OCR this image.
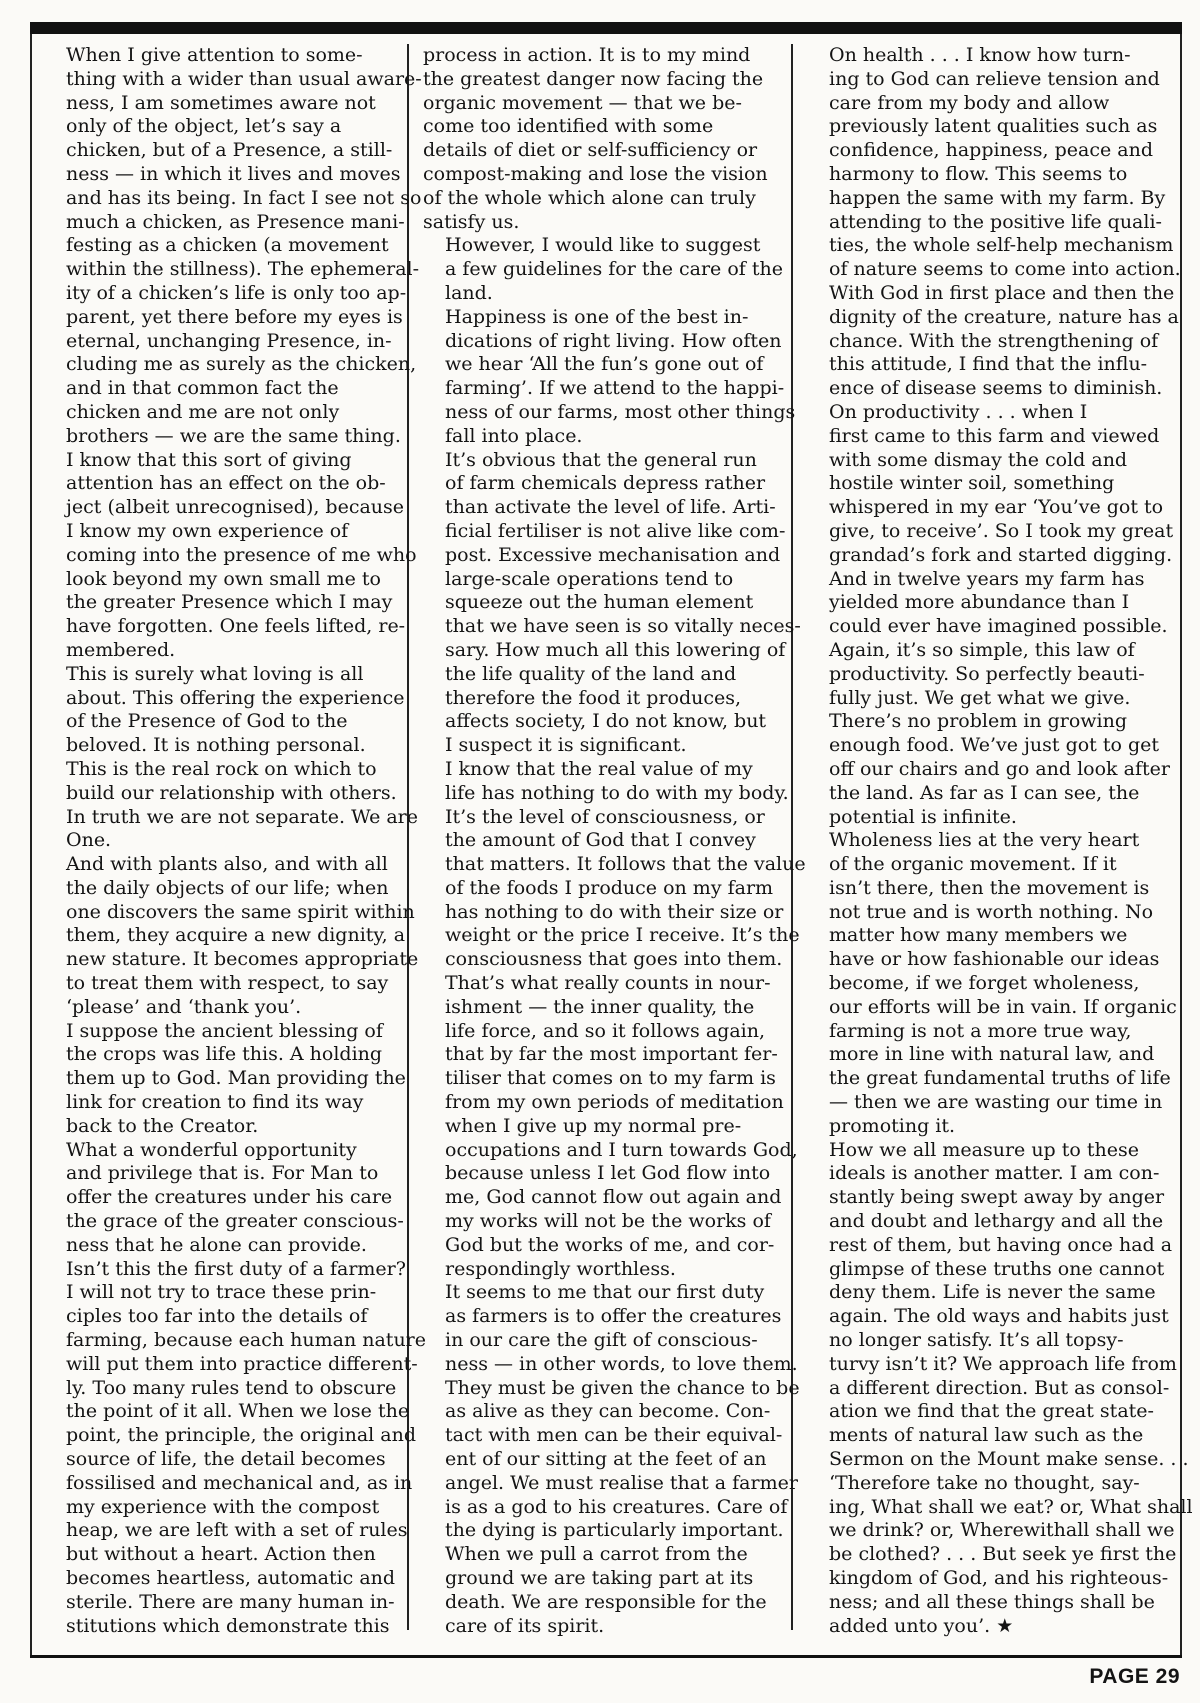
When I give attention to some-
thing with a wider than usual aware-
ness, I am sometimes aware not
only of the object, let’s say a
chicken, but of a Presence, a still-
ness — in which it lives and moves
and has its being. In fact I see not so
much a chicken, as Presence mani-
festing as a chicken (a movement
within the stillness). The ephemeral-
ity of a chicken’s life is only too ap-
parent, yet there before my eyes is
eternal, unchanging Presence, in-
cluding me as surely as the chicken,
and in that common fact the
chicken and me are not only
brothers — we are the same thing.

I know that this sort of giving
attention has an effect on the ob-
ject (albeit unrecognised), because
I know my own experience of
coming into the presence of me who
look beyond my own small me to
the greater Presence which I may
have forgotten. One feels lifted, re-
membered.

This is surely what loving is all
about. This offering the experience
of the Presence of God to the
beloved. It is nothing personal.

This is the real rock on which to
build our relationship with others.
In truth we are not separate. We are
One.

And with plants also, and with all
the daily objects of our life; when
one discovers the same spirit within
them, they acquire a new dignity, a
new stature. It becomes appropriate
to treat them with respect, to say
‘please’ and ‘thank you’.

I suppose the ancient blessing of
the crops was life this. A holding
them up to God. Man providing the
link for creation to find its way
back to the Creator.

What a wonderful opportunity
and privilege that is. For Man to
offer the creatures under his care
the grace of the greater conscious-
ness that he alone can provide.
Isn’t this the first duty of a farmer?

I will not try to trace these prin-
ciples too far into the details of
farming, because each human nature
will put them into practice different-
ly. Too many rules tend to obscure
the point of it all. When we lose the
point, the principle, the original and
source of life, the detail becomes
fossilised and mechanical and, as in
my experience with the compost
heap, we are left with a set of rules
but without a heart. Action then
becomes heartless, automatic and
sterile. There are many human in-
stitutions which demonstrate this

process in action. It is to my mind
the greatest danger now facing the
organic movement — that we be-
come too identified with some
details of diet or self-sufficiency or
compost-making and lose the vision
of the whole which alone can truly
satisfy us.

However, I would like to suggest
a few guidelines for the care of the
land.

Happiness is one of the best in-
dications of right living. How often
we hear ‘All the fun’s gone out of
farming’. If we attend to the happi-
ness of our farms, most other things
fall into place.

It’s obvious that the general run
of farm chemicals depress rather
than activate the level of life. Arti-
ficial fertiliser is not alive like com-
post. Excessive mechanisation and
large-scale operations tend to
squeeze out the human element
that we have seen is so vitally neces-
sary. How much all this lowering of
the life quality of the land and
therefore the food it produces,
affects society, I do not know, but
I suspect it is significant.

I know that the real value of my
life has nothing to do with my body.
It’s the level of consciousness, or
the amount of God that I convey
that matters. It follows that the value
of the foods I produce on my farm
has nothing to do with their size or
weight or the price I receive. It’s the
consciousness that goes into them.
That’s what really counts in nour-
ishment — the inner quality, the
life force, and so it follows again,
that by far the most important fer-
tiliser that comes on to my farm is
from my own periods of meditation
when I give up my normal pre-
occupations and I turn towards God,
because unless I let God flow into
me, God cannot flow out again and
my works will not be the works of
God but the works of me, and cor-
respondingly worthless.

It seems to me that our first duty
as farmers is to offer the creatures
in our care the gift of conscious-
ness — in other words, to love them.
They must be given the chance to be
as alive as they can become. Con-
tact with men can be their equival-
ent of our sitting at the feet of an
angel. We must realise that a farmer
is as a god to his creatures. Care of
the dying is particularly important.
When we pull a carrot from the
ground we are taking part at its
death. We are responsible for the
care of its spirit.

On health . . . I know how turn-
ing to God can relieve tension and
care from my body and allow
previously latent qualities such as
confidence, happiness, peace and
harmony to flow. This seems to
happen the same with my farm. By
attending to the positive life quali-
ties, the whole self-help mechanism
of nature seems to come into action.
With God in first place and then the
dignity of the creature, nature has a
chance. With the strengthening of
this attitude, I find that the influ-
ence of disease seems to diminish.

On productivity . . . when I
first came to this farm and viewed
with some dismay the cold and
hostile winter soil, something
whispered in my ear ‘You’ve got to
give, to receive’. So I took my great
grandad’s fork and started digging.
And in twelve years my farm has
yielded more abundance than I
could ever have imagined possible.
Again, it’s so simple, this law of
productivity. So perfectly beauti-
fully just. We get what we give.
There’s no problem in growing
enough food. We’ve just got to get
off our chairs and go and look after
the land. As far as I can see, the
potential is infinite.

Wholeness lies at the very heart
of the organic movement. If it
isn’t there, then the movement is
not true and is worth nothing. No
matter how many members we
have or how fashionable our ideas
become, if we forget wholeness,
our efforts will be in vain. If organic
farming is not a more true way,
more in line with natural law, and
the great fundamental truths of life
— then we are wasting our time in
promoting it.

How we all measure up to these
ideals is another matter. I am con-
stantly being swept away by anger
and doubt and lethargy and all the
rest of them, but having once had a
glimpse of these truths one cannot
deny them. Life is never the same
again. The old ways and habits just
no longer satisfy. It’s all topsy-
turvy isn’t it? We approach life from
a different direction. But as consol-
ation we find that the great state-
ments of natural law such as the
Sermon on the Mount make sense. . .

‘Therefore take no thought, say-
ing, What shall we eat? or, What shall
we drink? or, Wherewithall shall we
be clothed? . . . But seek ye first the
kingdom of God, and his righteous-
ness; and all these things shall be
added unto you’. ★

PAGE 29
